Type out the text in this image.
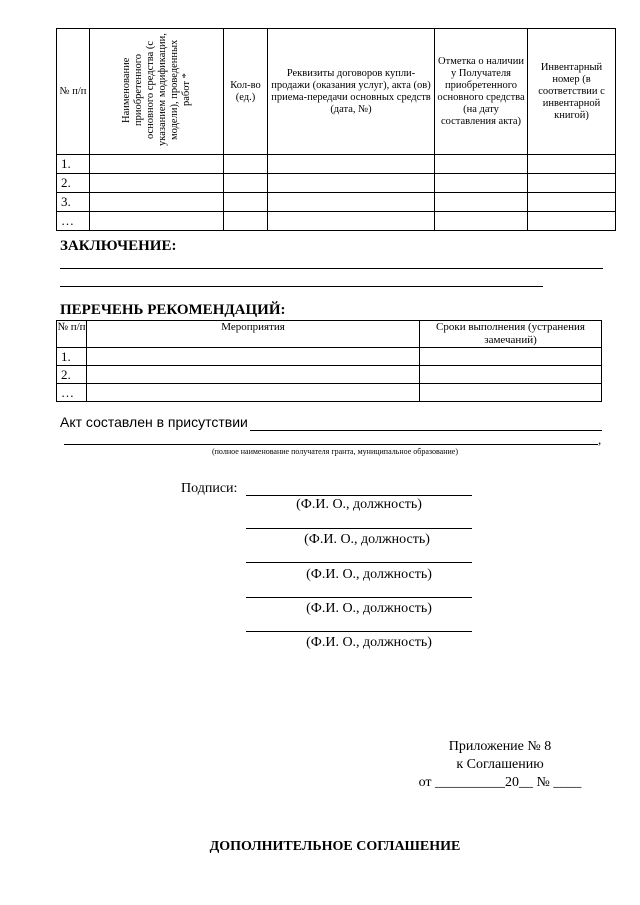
№ п/п	Наименование приобретенного основного средства (с указанием модификации, модели), проведенных работ *	Кол-во (ед.)	Реквизиты договоров купли-продажи (оказания услуг), акта (ов) приема-передачи основных средств (дата, №)	Отметка о наличии у Получателя приобретенного основного средства (на дату составления акта)	Инвентарный номер (в соответствии с инвентарной книгой)
1.					
2.					
3.					
…					
ЗАКЛЮЧЕНИЕ:
ПЕРЕЧЕНЬ РЕКОМЕНДАЦИЙ:
№ п/п	Мероприятия	Сроки выполнения (устранения замечаний)
1.		
2.		
…		
Акт составлен в присутствии
,
(полное наименование получателя гранта, муниципальное образование)
Подписи:
(Ф.И. О., должность)
(Ф.И. О., должность)
(Ф.И. О., должность)
(Ф.И. О., должность)
(Ф.И. О., должность)
Приложение № 8
к Соглашению
от __________20__ № ____
ДОПОЛНИТЕЛЬНОЕ СОГЛАШЕНИЕ
